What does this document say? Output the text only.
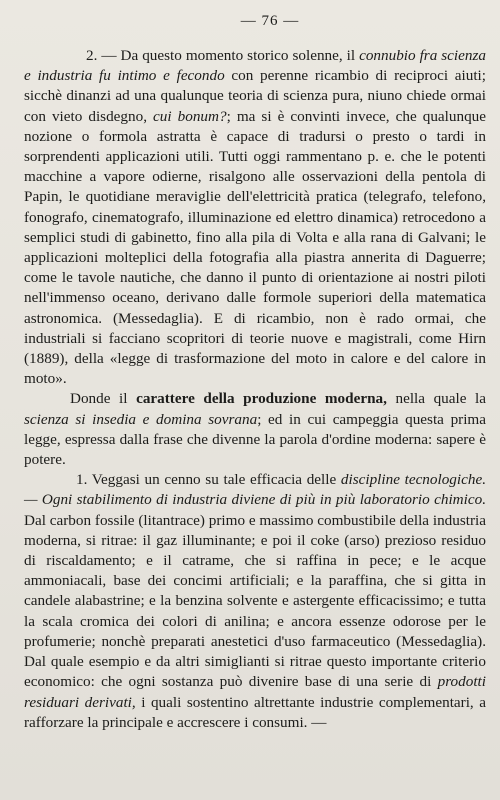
— 76 —

2. — Da questo momento storico solenne, il connubio fra scienza e industria fu intimo e fecondo con perenne ricambio di reciproci aiuti; sicchè dinanzi ad una qualunque teoria di scienza pura, niuno chiede ormai con vieto disdegno, cui bonum?; ma si è convinti invece, che qualunque nozione o formola astratta è capace di tradursi o presto o tardi in sorprendenti applicazioni utili. Tutti oggi rammentano p. e. che le potenti macchine a vapore odierne, risalgono alle osservazioni della pentola di Papin, le quotidiane meraviglie dell'elettricità pratica (telegrafo, telefono, fonografo, cinematografo, illuminazione ed elettro dinamica) retrocedono a semplici studi di gabinetto, fino alla pila di Volta e alla rana di Galvani; le applicazioni molteplici della fotografia alla piastra annerita di Daguerre; come le tavole nautiche, che danno il punto di orientazione ai nostri piloti nell'immenso oceano, derivano dalle formole superiori della matematica astronomica. (Messedaglia). E di ricambio, non è rado ormai, che industriali si facciano scopritori di teorie nuove e magistrali, come Hirn (1889), della «legge di trasformazione del moto in calore e del calore in moto».

Donde il carattere della produzione moderna, nella quale la scienza si insedia e domina sovrana; ed in cui campeggia questa prima legge, espressa dalla frase che divenne la parola d'ordine moderna: sapere è potere.

1. Veggasi un cenno su tale efficacia delle discipline tecnologiche. — Ogni stabilimento di industria diviene di più in più laboratorio chimico. Dal carbon fossile (litantrace) primo e massimo combustibile della industria moderna, si ritrae: il gaz illuminante; e poi il coke (arso) prezioso residuo di riscaldamento; e il catrame, che si raffina in pece; e le acque ammoniacali, base dei concimi artificiali; e la paraffina, che si gitta in candele alabastrine; e la benzina solvente e astergente efficacissimo; e tutta la scala cromica dei colori di anilina; e ancora essenze odorose per le profumerie; nonchè preparati anestetici d'uso farmaceutico (Messedaglia). Dal quale esempio e da altri simiglianti si ritrae questo importante criterio economico: che ogni sostanza può divenire base di una serie di prodotti residuari derivati, i quali sostentino altrettante industrie complementari, a rafforzare la principale e accrescere i consumi. —
